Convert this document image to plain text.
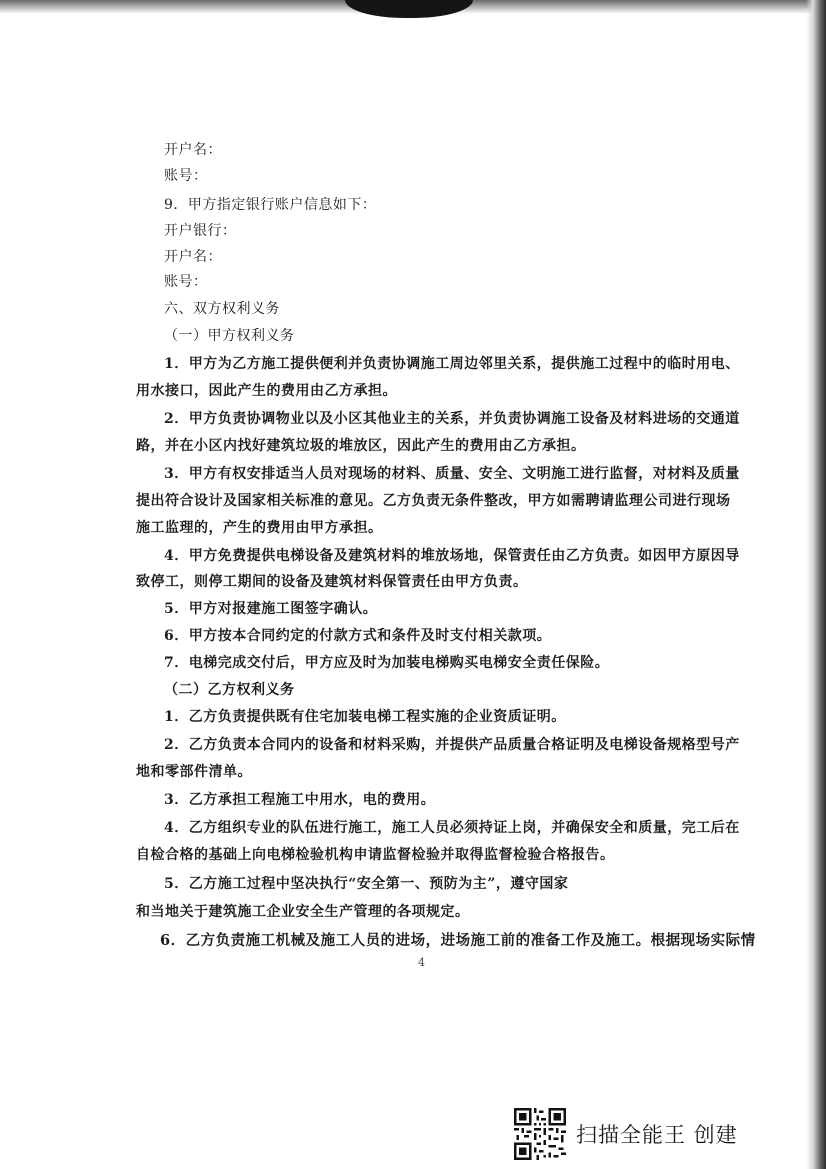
开户名：

账号：

9．甲方指定银行账户信息如下：

开户银行：

开户名：

账号：

六、双方权利义务

（一）甲方权利义务

1．甲方为乙方施工提供便利并负责协调施工周边邻里关系，提供施工过程中的临时用电、

用水接口，因此产生的费用由乙方承担。

2．甲方负责协调物业以及小区其他业主的关系，并负责协调施工设备及材料进场的交通道

路，并在小区内找好建筑垃圾的堆放区，因此产生的费用由乙方承担。

3．甲方有权安排适当人员对现场的材料、质量、安全、文明施工进行监督，对材料及质量

提出符合设计及国家相关标准的意见。乙方负责无条件整改，甲方如需聘请监理公司进行现场

施工监理的，产生的费用由甲方承担。

4．甲方免费提供电梯设备及建筑材料的堆放场地，保管责任由乙方负责。如因甲方原因导

致停工，则停工期间的设备及建筑材料保管责任由甲方负责。

5．甲方对报建施工图签字确认。

6．甲方按本合同约定的付款方式和条件及时支付相关款项。

7．电梯完成交付后，甲方应及时为加装电梯购买电梯安全责任保险。

（二）乙方权利义务

1．乙方负责提供既有住宅加装电梯工程实施的企业资质证明。

2．乙方负责本合同内的设备和材料采购，并提供产品质量合格证明及电梯设备规格型号产

地和零部件清单。

3．乙方承担工程施工中用水，电的费用。

4．乙方组织专业的队伍进行施工，施工人员必须持证上岗，并确保安全和质量，完工后在

自检合格的基础上向电梯检验机构申请监督检验并取得监督检验合格报告。

5．乙方施工过程中坚决执行“安全第一、预防为主”，遵守国家

和当地关于建筑施工企业安全生产管理的各项规定。

6．乙方负责施工机械及施工人员的进场，进场施工前的准备工作及施工。根据现场实际情

4
扫描全能王 创建
